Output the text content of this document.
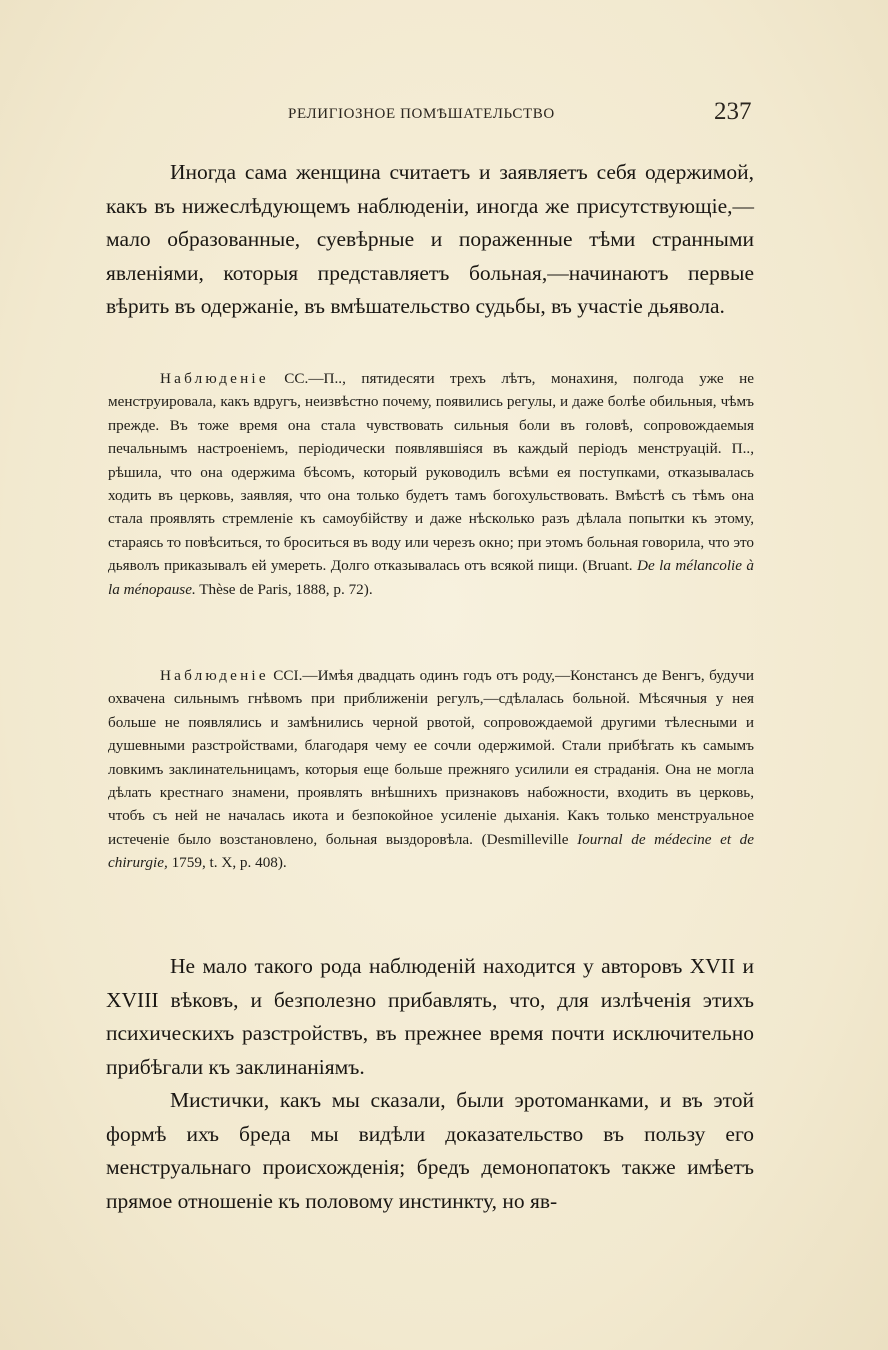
РЕЛИГІОЗНОЕ ПОМѢШАТЕЛЬСТВО	237

Иногда сама женщина считаетъ и заявляетъ себя одержимой, какъ въ нижеслѣдующемъ наблюденіи, иногда же присутствующіе,—мало образованные, суевѣрные и пораженные тѣми странными явленіями, которыя представляетъ больная,—начинаютъ первые вѣрить въ одержаніе, въ вмѣшательство судьбы, въ участіе дьявола.

Наблюденіе CC.—П.., пятидесяти трехъ лѣтъ, монахиня, полгода уже не менструировала, какъ вдругъ, неизвѣстно почему, появились регулы, и даже болѣе обильныя, чѣмъ прежде. Въ тоже время она стала чувствовать сильныя боли въ головѣ, сопровождаемыя печальнымъ настроеніемъ, періодически появлявшіяся въ каждый періодъ менструацій. П.., рѣшила, что она одержима бѣсомъ, который руководилъ всѣми ея поступками, отказывалась ходить въ церковь, заявляя, что она только будетъ тамъ богохульствовать. Вмѣстѣ съ тѣмъ она стала проявлять стремленіе къ самоубійству и даже нѣсколько разъ дѣлала попытки къ этому, стараясь то повѣситься, то броситься въ воду или черезъ окно; при этомъ больная говорила, что это дьяволъ приказывалъ ей умереть. Долго отказывалась отъ всякой пищи. (Bruant. De la mélancolie à la ménopause. Thèse de Paris, 1888, p. 72).

Наблюденіе CCI.—Имѣя двадцать одинъ годъ отъ роду,—Констансъ де Венгъ, будучи охвачена сильнымъ гнѣвомъ при приближеніи регулъ,—сдѣлалась больной. Мѣсячныя у нея больше не появлялись и замѣнились черной рвотой, сопровождаемой другими тѣлесными и душевными разстройствами, благодаря чему ее сочли одержимой. Стали прибѣгать къ самымъ ловкимъ заклинательницамъ, которыя еще больше прежняго усилили ея страданія. Она не могла дѣлать крестнаго знамени, проявлять внѣшнихъ признаковъ набожности, входить въ церковь, чтобъ съ ней не началась икота и безпокойное усиленіе дыханія. Какъ только менструальное истеченіе было возстановлено, больная выздоровѣла. (Desmilleville Iournal de médecine et de chirurgie, 1759, t. X, p. 408).

Не мало такого рода наблюденій находится у авторовъ XVII и XVIII вѣковъ, и безполезно прибавлять, что, для излѣченія этихъ психическихъ разстройствъ, въ прежнее время почти исключительно прибѣгали къ заклинаніямъ.

Мистички, какъ мы сказали, были эротоманками, и въ этой формѣ ихъ бреда мы видѣли доказательство въ пользу его менструальнаго происхожденія; бредъ демонопатокъ также имѣетъ прямое отношеніе къ половому инстинкту, но яв-
